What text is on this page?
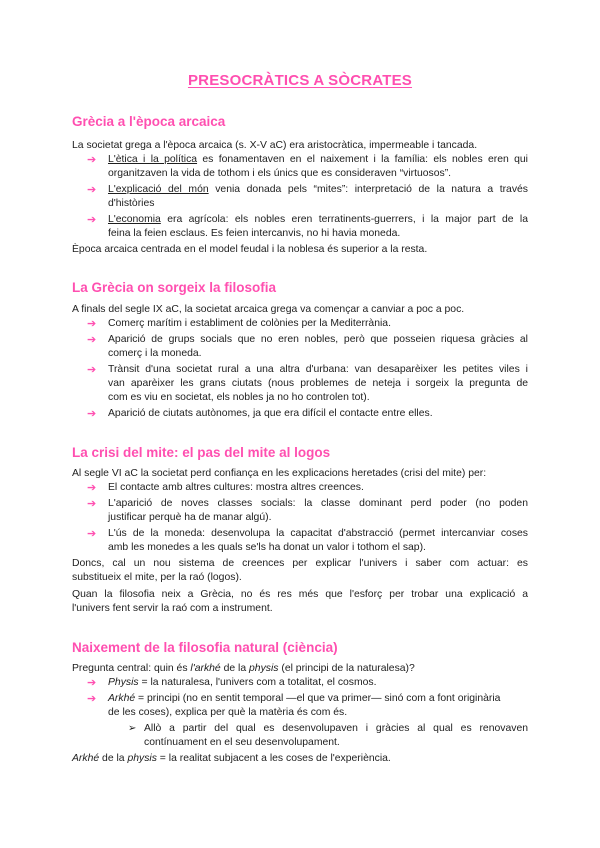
PRESOCRÀTICS A SÒCRATES
Grècia a l'època arcaica
La societat grega a l'època arcaica (s. X-V aC) era aristocràtica, impermeable i tancada.
➔ L'ètica i la política es fonamentaven en el naixement i la família: els nobles eren qui
organitzaven la vida de tothom i els únics que es consideraven “virtuosos”.
➔ L'explicació del món venia donada pels “mites”: interpretació de la natura a través
d'històries
➔ L'economia era agrícola: els nobles eren terratinents-guerrers, i la major part de la
feina la feien esclaus. Es feien intercanvis, no hi havia moneda.
Època arcaica centrada en el model feudal i la noblesa és superior a la resta.
La Grècia on sorgeix la filosofia
A finals del segle IX aC, la societat arcaica grega va començar a canviar a poc a poc.
➔ Comerç marítim i establiment de colònies per la Mediterrània.
➔ Aparició de grups socials que no eren nobles, però que posseien riquesa gràcies al
comerç i la moneda.
➔ Trànsit d'una societat rural a una altra d'urbana: van desaparèixer les petites viles i
van aparèixer les grans ciutats (nous problemes de neteja i sorgeix la pregunta de
com es viu en societat, els nobles ja no ho controlen tot).
➔ Aparició de ciutats autònomes, ja que era difícil el contacte entre elles.
La crisi del mite: el pas del mite al logos
Al segle VI aC la societat perd confiança en les explicacions heretades (crisi del mite) per:
➔ El contacte amb altres cultures: mostra altres creences.
➔ L'aparició de noves classes socials: la classe dominant perd poder (no poden
justificar perquè ha de manar algú).
➔ L'ús de la moneda: desenvolupa la capacitat d'abstracció (permet intercanviar coses
amb les monedes a les quals se'ls ha donat un valor i tothom el sap).
Doncs, cal un nou sistema de creences per explicar l'univers i saber com actuar: es
substitueix el mite, per la raó (logos).
Quan la filosofia neix a Grècia, no és res més que l'esforç per trobar una explicació a
l'univers fent servir la raó com a instrument.
Naixement de la filosofia natural (ciència)
Pregunta central: quin és l'arkhé de la physis (el principi de la naturalesa)?
➔ Physis = la naturalesa, l'univers com a totalitat, el cosmos.
➔ Arkhé = principi (no en sentit temporal —el que va primer— sinó com a font originària
de les coses), explica per què la matèria és com és.
➢ Allò a partir del qual es desenvolupaven i gràcies al qual es renovaven
contínuament en el seu desenvolupament.
Arkhé de la physis = la realitat subjacent a les coses de l'experiència.
